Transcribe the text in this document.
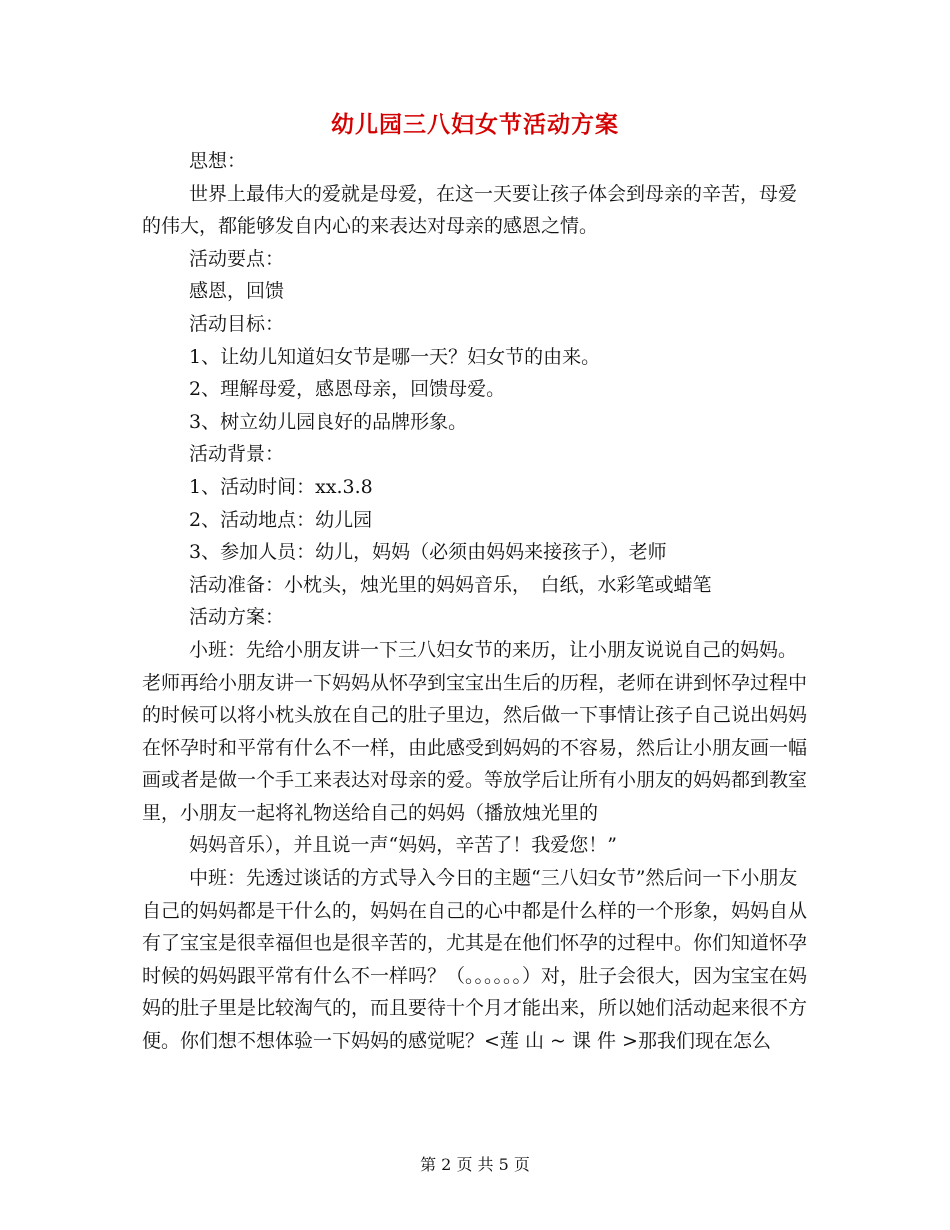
幼儿园三八妇女节活动方案

思想：

世界上最伟大的爱就是母爱，在这一天要让孩子体会到母亲的辛苦，母爱的伟大，都能够发自内心的来表达对母亲的感恩之情。

活动要点：

感恩，回馈

活动目标：

1、让幼儿知道妇女节是哪一天？妇女节的由来。

2、理解母爱，感恩母亲，回馈母爱。

3、树立幼儿园良好的品牌形象。

活动背景：

1、活动时间：xx.3.8

2、活动地点：幼儿园

3、参加人员：幼儿，妈妈（必须由妈妈来接孩子），老师

活动准备：小枕头，烛光里的妈妈音乐，　白纸，水彩笔或蜡笔

活动方案：

小班：先给小朋友讲一下三八妇女节的来历，让小朋友说说自己的妈妈。老师再给小朋友讲一下妈妈从怀孕到宝宝出生后的历程，老师在讲到怀孕过程中的时候可以将小枕头放在自己的肚子里边，然后做一下事情让孩子自己说出妈妈在怀孕时和平常有什么不一样，由此感受到妈妈的不容易，然后让小朋友画一幅画或者是做一个手工来表达对母亲的爱。等放学后让所有小朋友的妈妈都到教室里，小朋友一起将礼物送给自己的妈妈（播放烛光里的

妈妈音乐），并且说一声“妈妈，辛苦了！我爱您！”

中班：先透过谈话的方式导入今日的主题“三八妇女节”然后问一下小朋友自己的妈妈都是干什么的，妈妈在自己的心中都是什么样的一个形象，妈妈自从有了宝宝是很幸福但也是很辛苦的，尤其是在他们怀孕的过程中。你们知道怀孕时候的妈妈跟平常有什么不一样吗？（。。。。。。）对，肚子会很大，因为宝宝在妈妈的肚子里是比较淘气的，而且要待十个月才能出来，所以她们活动起来很不方便。你们想不想体验一下妈妈的感觉呢？<莲 山 ~ 课 件 >那我们现在怎么

第 2 页 共 5 页
